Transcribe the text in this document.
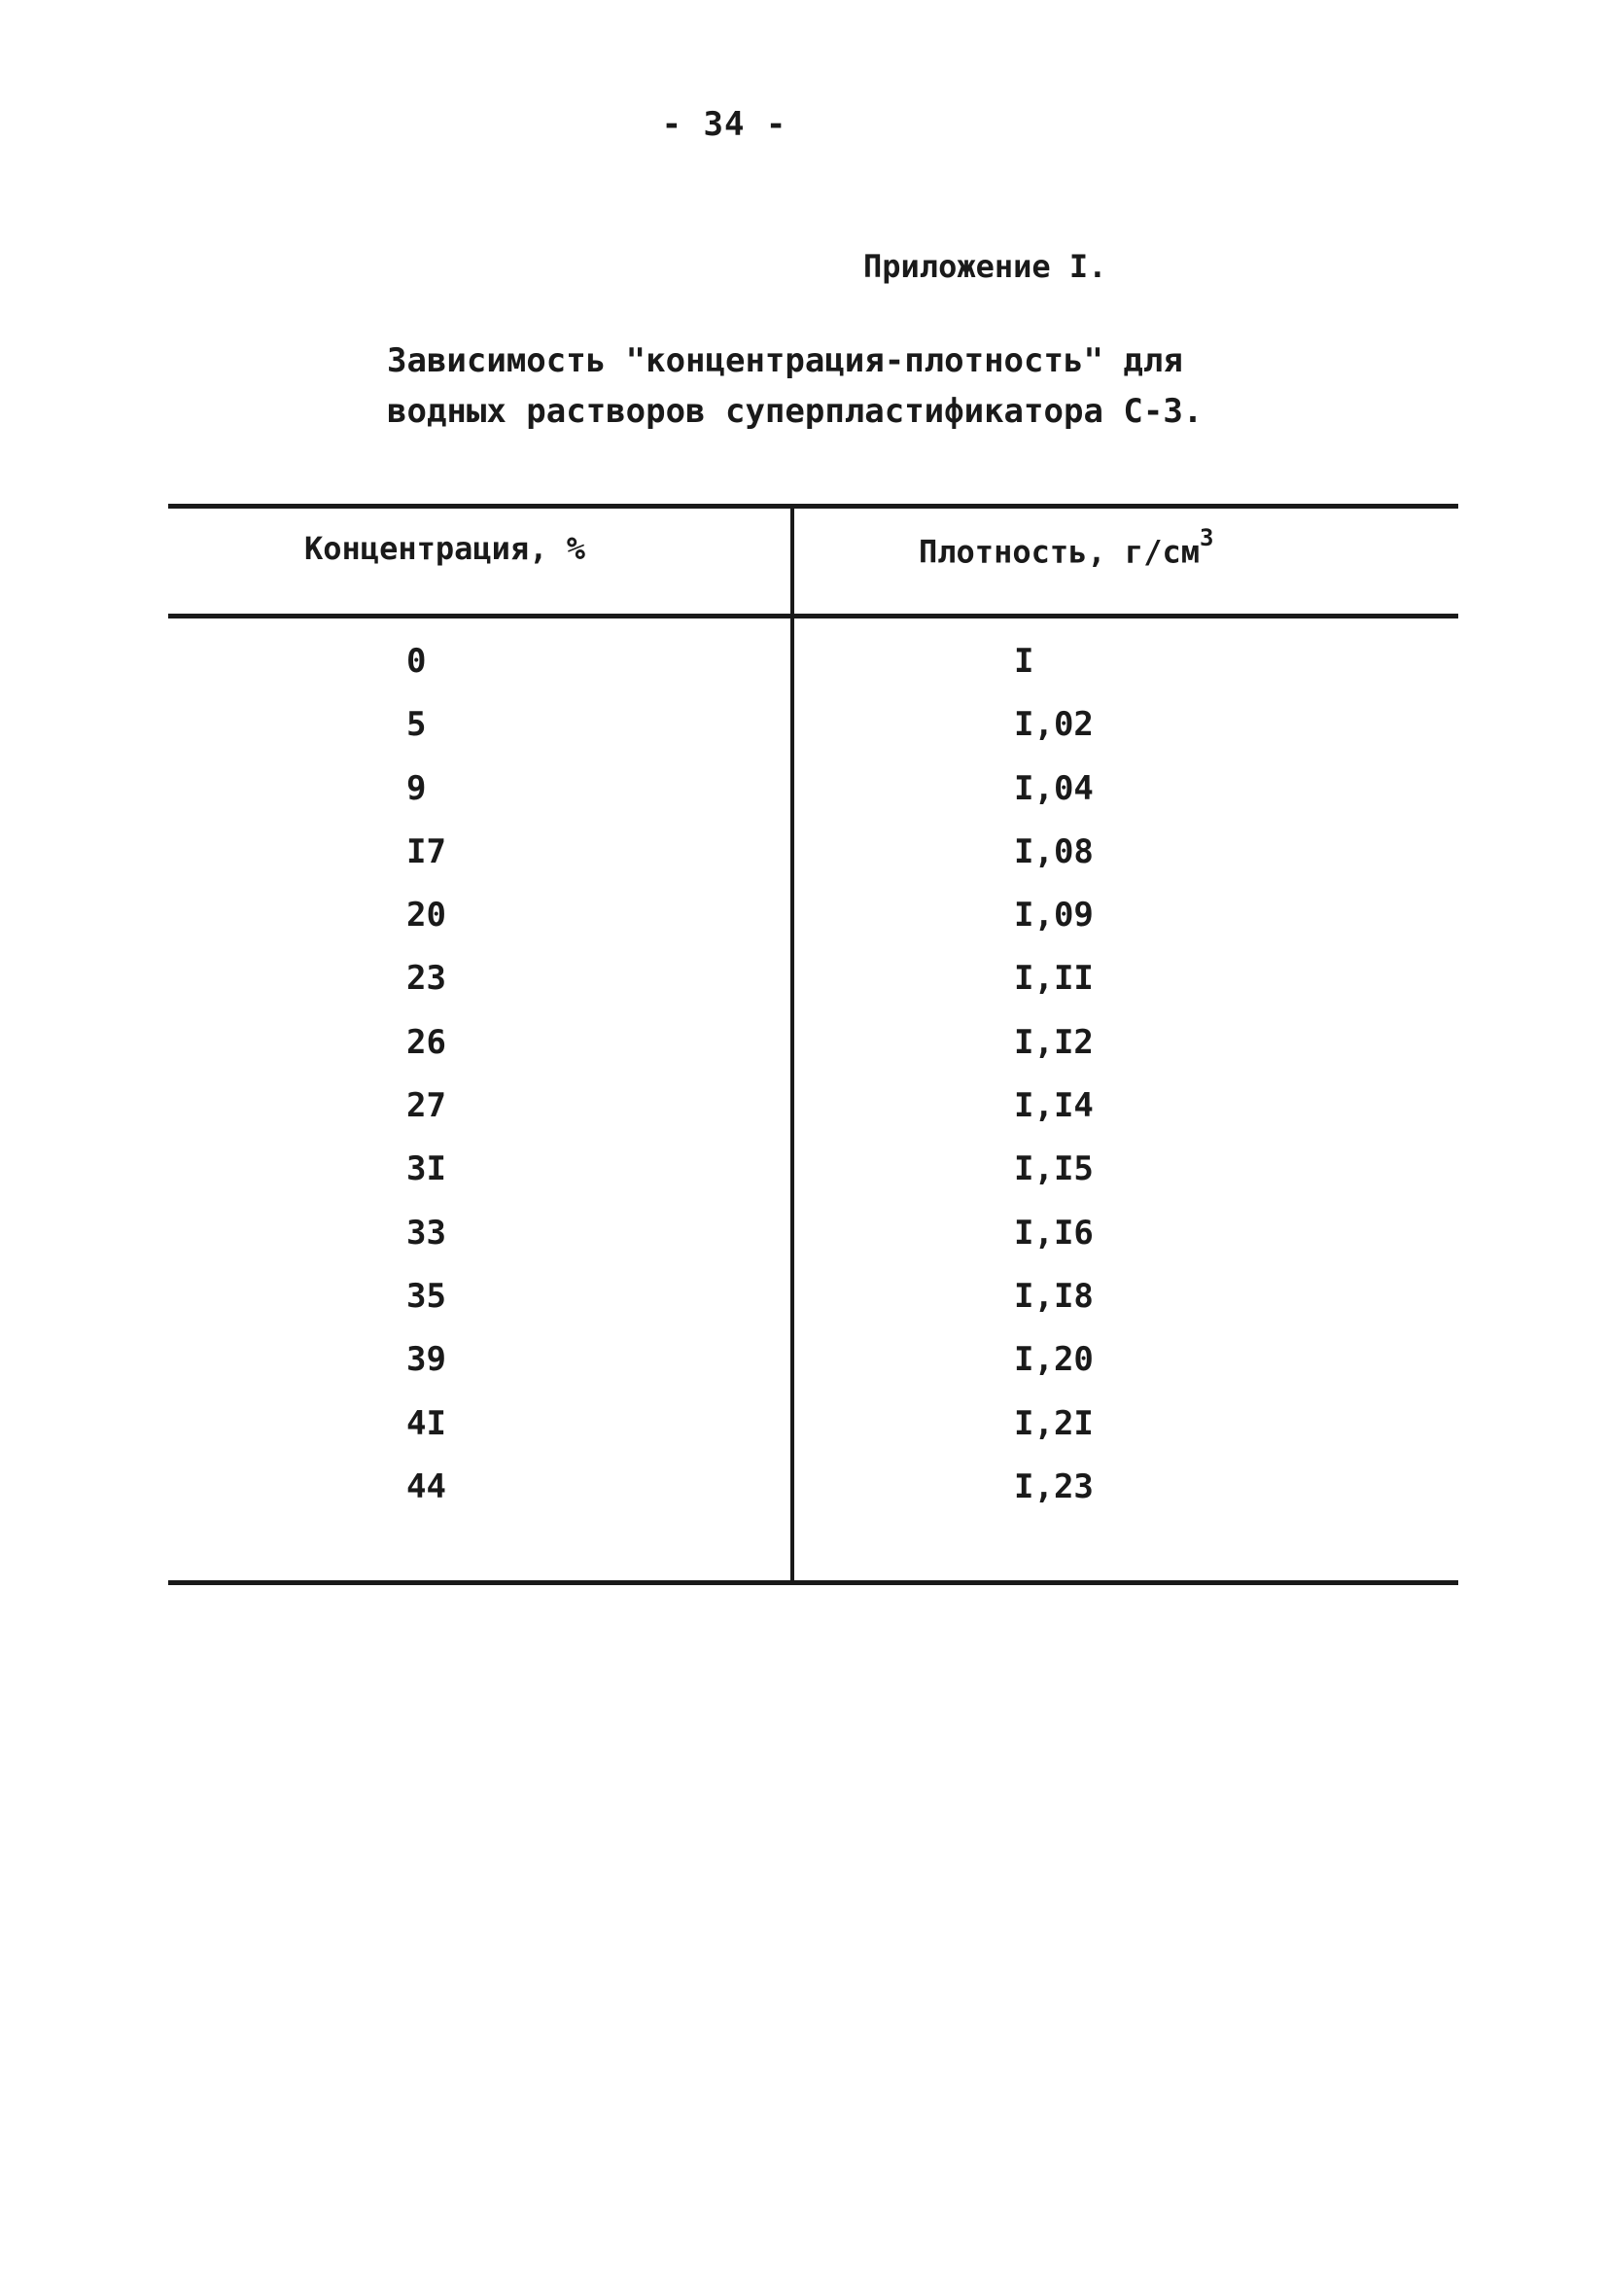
- 34 -
Приложение I.
Зависимость "концентрация-плотность" для
водных растворов суперпластификатора С-3.
Концентрация, %	Плотность, $г/см^3$
0	I
5	I,02
9	I,04
I7	I,08
20	I,09
23	I,II
26	I,I2
27	I,I4
3I	I,I5
33	I,I6
35	I,I8
39	I,20
4I	I,2I
44	I,23
